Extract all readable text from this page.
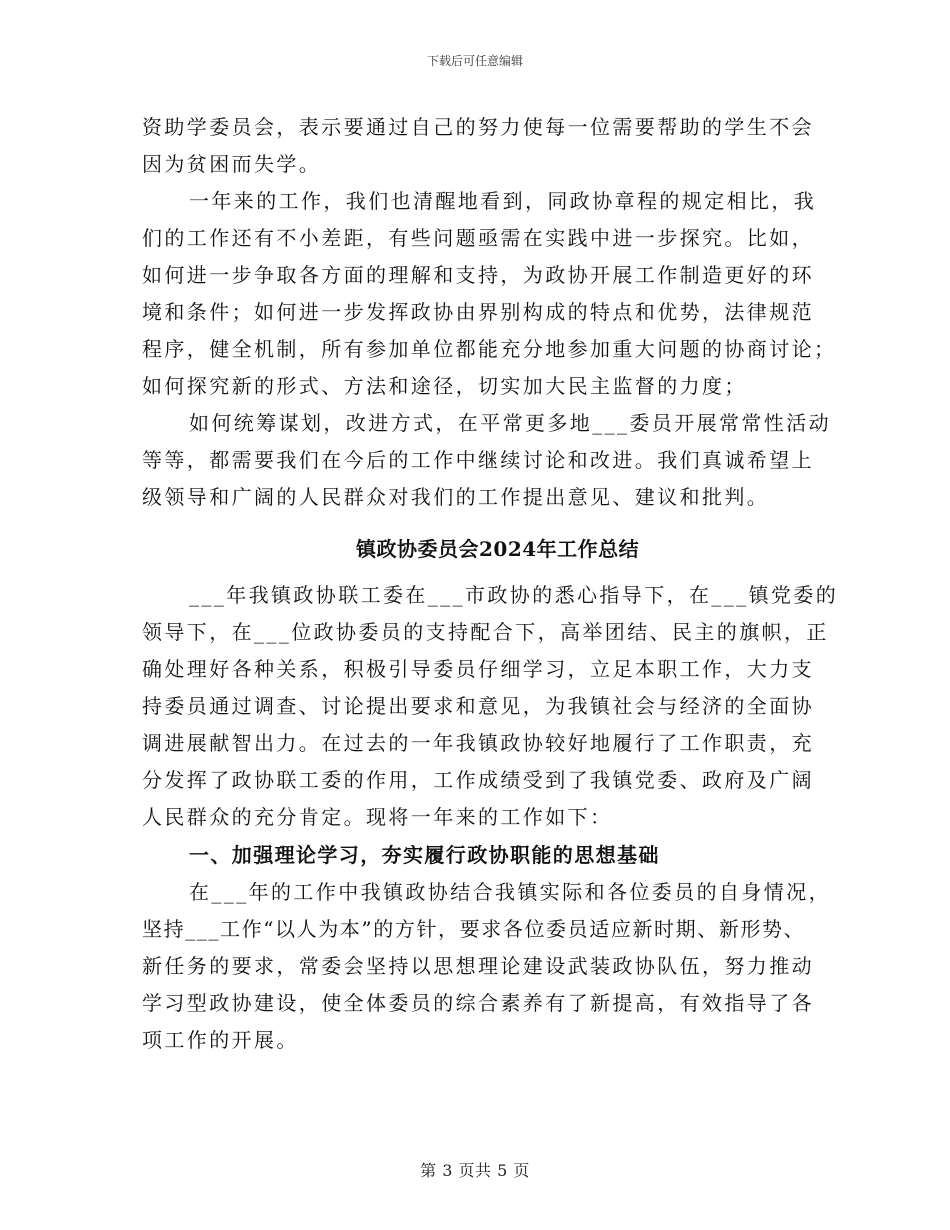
下载后可任意编辑
资助学委员会，表示要通过自己的努力使每一位需要帮助的学生不会
因为贫困而失学。
一年来的工作，我们也清醒地看到，同政协章程的规定相比，我
们的工作还有不小差距，有些问题亟需在实践中进一步探究。比如，
如何进一步争取各方面的理解和支持，为政协开展工作制造更好的环
境和条件；如何进一步发挥政协由界别构成的特点和优势，法律规范
程序，健全机制，所有参加单位都能充分地参加重大问题的协商讨论；
如何探究新的形式、方法和途径，切实加大民主监督的力度；
如何统筹谋划，改进方式，在平常更多地___委员开展常常性活动
等等，都需要我们在今后的工作中继续讨论和改进。我们真诚希望上
级领导和广阔的人民群众对我们的工作提出意见、建议和批判。
镇政协委员会2024年工作总结
___年我镇政协联工委在___市政协的悉心指导下，在___镇党委的
领导下，在___位政协委员的支持配合下，高举团结、民主的旗帜，正
确处理好各种关系，积极引导委员仔细学习，立足本职工作，大力支
持委员通过调查、讨论提出要求和意见，为我镇社会与经济的全面协
调进展献智出力。在过去的一年我镇政协较好地履行了工作职责，充
分发挥了政协联工委的作用，工作成绩受到了我镇党委、政府及广阔
人民群众的充分肯定。现将一年来的工作如下：
一、加强理论学习，夯实履行政协职能的思想基础
在___年的工作中我镇政协结合我镇实际和各位委员的自身情况，
坚持___工作“以人为本”的方针，要求各位委员适应新时期、新形势、
新任务的要求，常委会坚持以思想理论建设武装政协队伍，努力推动
学习型政协建设，使全体委员的综合素养有了新提高，有效指导了各
项工作的开展。
第 3 页共 5 页
